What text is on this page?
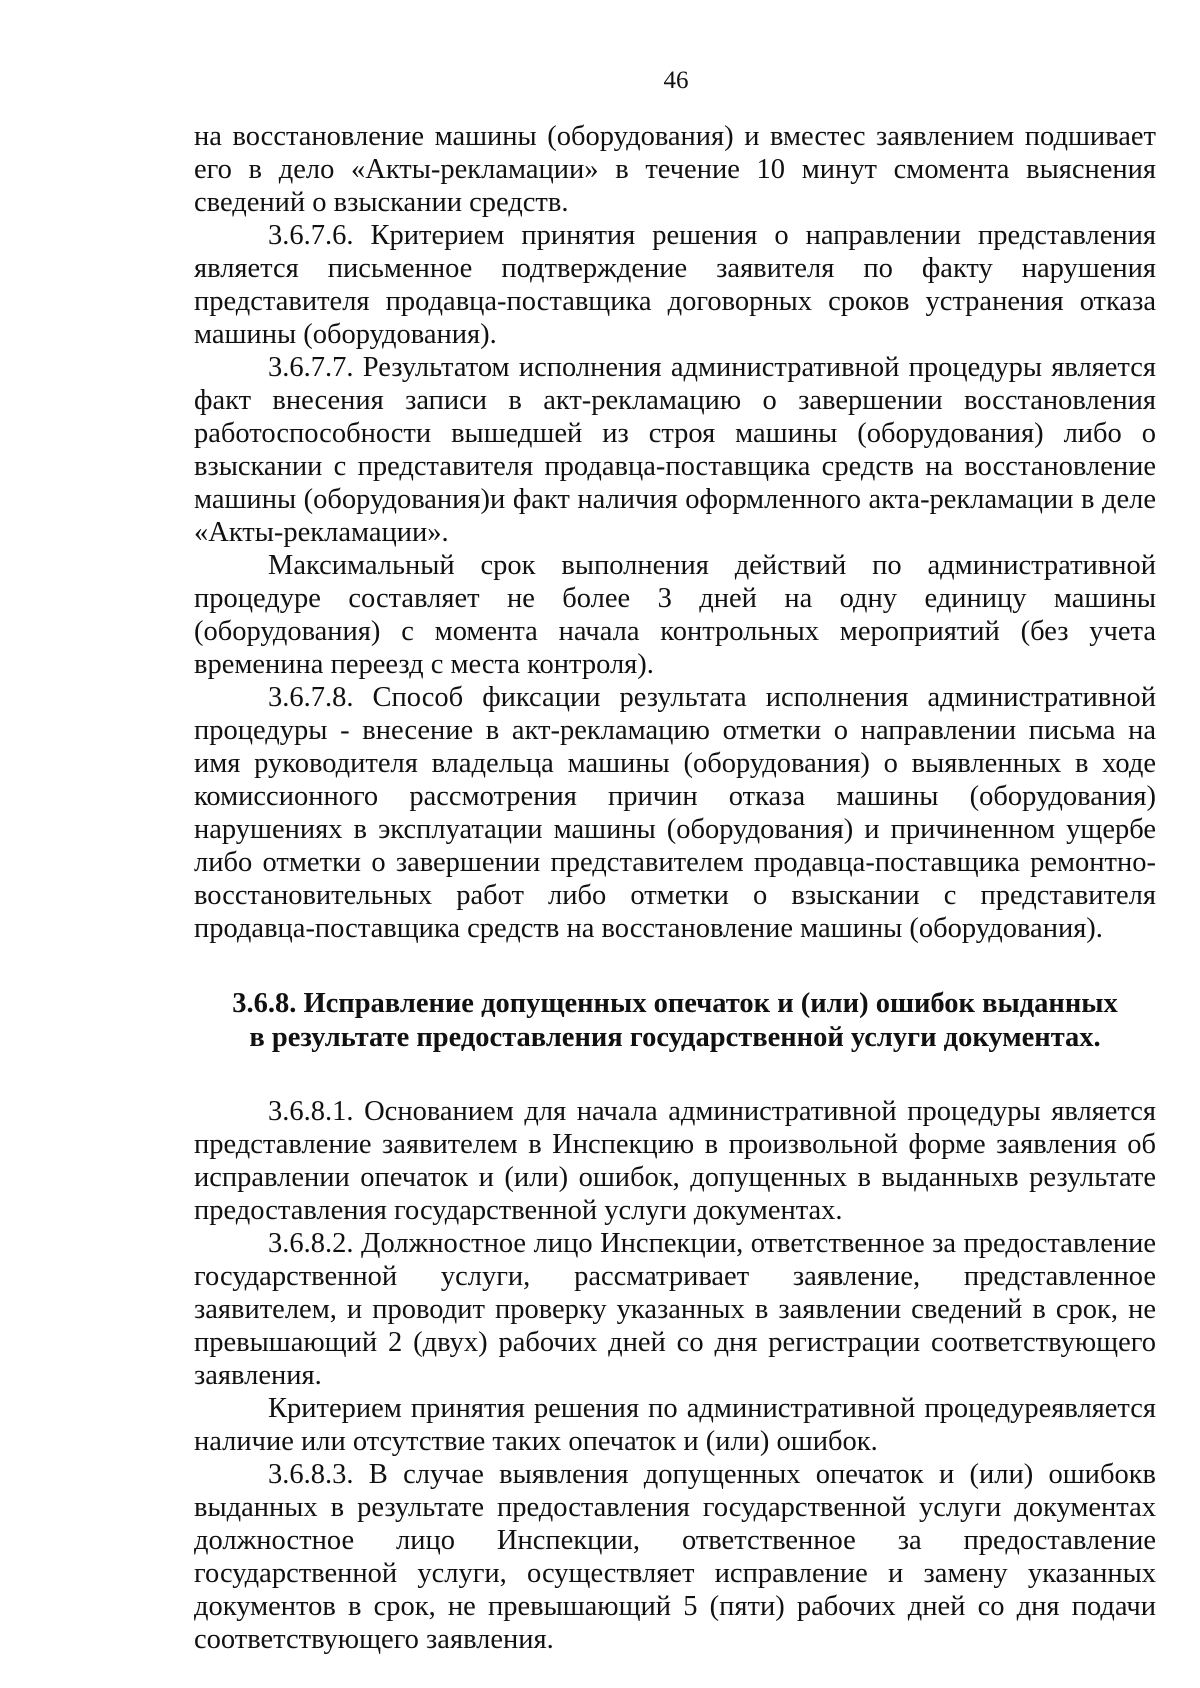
46

на восстановление машины (оборудования) и вместес заявлением подшивает его в дело «Акты-рекламации» в течение 10 минут смомента выяснения сведений о взыскании средств.

3.6.7.6. Критерием принятия решения о направлении представления является письменное подтверждение заявителя по факту нарушения представителя продавца-поставщика договорных сроков устранения отказа машины (оборудования).

3.6.7.7. Результатом исполнения административной процедуры является факт внесения записи в акт-рекламацию о завершении восстановления работоспособности вышедшей из строя машины (оборудования) либо о взыскании с представителя продавца-поставщика средств на восстановление машины (оборудования)и факт наличия оформленного акта-рекламации в деле «Акты-рекламации».

Максимальный срок выполнения действий по административной процедуре составляет не более 3 дней на одну единицу машины (оборудования) с момента начала контрольных мероприятий (без учета временина переезд с места контроля).

3.6.7.8. Способ фиксации результата исполнения административной процедуры - внесение в акт-рекламацию отметки о направлении письма на имя руководителя владельца машины (оборудования) о выявленных в ходе комиссионного рассмотрения причин отказа машины (оборудования) нарушениях в эксплуатации машины (оборудования) и причиненном ущербе либо отметки о завершении представителем продавца-поставщика ремонтно-восстановительных работ либо отметки о взыскании с представителя продавца-поставщика средств на восстановление машины (оборудования).

3.6.8. Исправление допущенных опечаток и (или) ошибок выданных
в результате предоставления государственной услуги документах.

3.6.8.1. Основанием для начала административной процедуры является представление заявителем в Инспекцию в произвольной форме заявления об исправлении опечаток и (или) ошибок, допущенных в выданныхв результате предоставления государственной услуги документах.

3.6.8.2. Должностное лицо Инспекции, ответственное за предоставление государственной услуги, рассматривает заявление, представленное заявителем, и проводит проверку указанных в заявлении сведений в срок, не превышающий 2 (двух) рабочих дней со дня регистрации соответствующего заявления.

Критерием принятия решения по административной процедуреявляется наличие или отсутствие таких опечаток и (или) ошибок.

3.6.8.3. В случае выявления допущенных опечаток и (или) ошибокв выданных в результате предоставления государственной услуги документах должностное лицо Инспекции, ответственное за предоставление государственной услуги, осуществляет исправление и замену указанных документов в срок, не превышающий 5 (пяти) рабочих дней со дня подачи соответствующего заявления.
